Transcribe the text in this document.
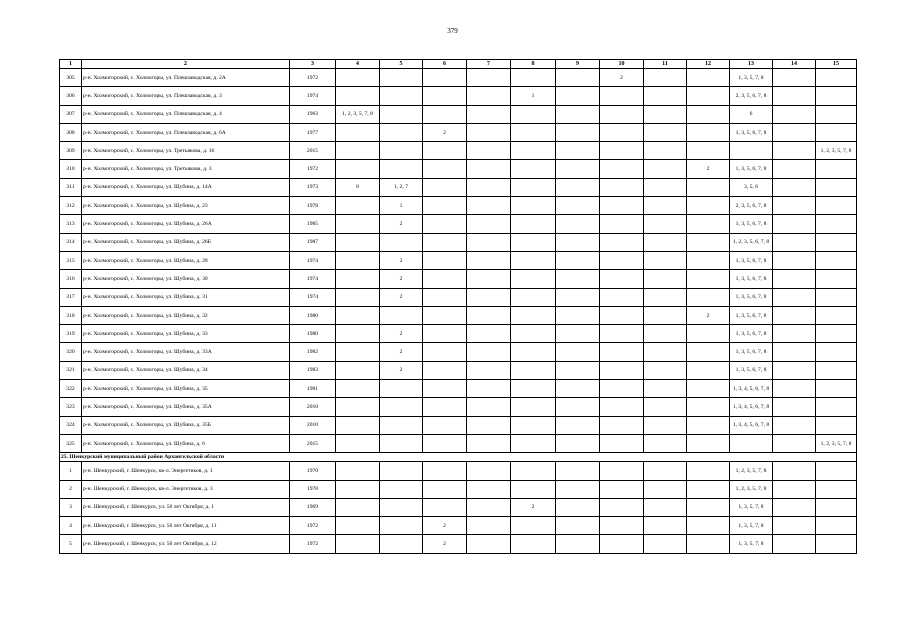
379
1	2	3	4	5	6	7	8	9	10	11	12	13	14	15
305	р-н. Холмогорский, с. Холмогоры, ул. Плешзаводская, д. 2А	1972							2			1, 3, 5, 7, 8		
306	р-н. Холмогорский, с. Холмогоры, ул. Плешзаводская, д. 3	1974					1					2, 3, 5, 6, 7, 8		
307	р-н. Холмогорский, с. Холмогоры, ул. Плешзаводская, д. 4	1963	1, 2, 3, 5, 7, 8									6		
308	р-н. Холмогорский, с. Холмогоры, ул. Плешзаводская, д. 6А	1977			2							1, 3, 5, 6, 7, 8		
309	р-н. Холмогорский, с. Холмогоры, ул. Третьякова, д. 16	2015												1, 2, 3, 5, 7, 8
310	р-н. Холмогорский, с. Холмогоры, ул. Третьякова, д. 3	1972									2	1, 3, 5, 6, 7, 8		
311	р-н. Холмогорский, с. Холмогоры, ул. Шубина, д. 14А	1973	8	1, 2, 7								3, 5, 6		
312	р-н. Холмогорский, с. Холмогоры, ул. Шубина, д. 23	1978		1								2, 3, 5, 6, 7, 8		
313	р-н. Холмогорский, с. Холмогоры, ул. Шубина, д. 26А	1985		2								1, 3, 5, 6, 7, 8		
314	р-н. Холмогорский, с. Холмогоры, ул. Шубина, д. 26Б	1987										1, 2, 3, 5, 6, 7, 8		
315	р-н. Холмогорский, с. Холмогоры, ул. Шубина, д. 28	1974		2								1, 3, 5, 6, 7, 8		
316	р-н. Холмогорский, с. Холмогоры, ул. Шубина, д. 30	1974		2								1, 3, 5, 6, 7, 8		
317	р-н. Холмогорский, с. Холмогоры, ул. Шубина, д. 31	1974		2								1, 3, 5, 6, 7, 8		
318	р-н. Холмогорский, с. Холмогоры, ул. Шубина, д. 32	1980									2	1, 3, 5, 6, 7, 8		
319	р-н. Холмогорский, с. Холмогоры, ул. Шубина, д. 33	1980		2								1, 3, 5, 6, 7, 8		
320	р-н. Холмогорский, с. Холмогоры, ул. Шубина, д. 33А	1982		2								1, 3, 5, 6, 7, 8		
321	р-н. Холмогорский, с. Холмогоры, ул. Шубина, д. 34	1983		2								1, 3, 5, 6, 7, 8		
322	р-н. Холмогорский, с. Холмогоры, ул. Шубина, д. 35	1981										1, 3, 4, 5, 6, 7, 8		
323	р-н. Холмогорский, с. Холмогоры, ул. Шубина, д. 35А	2010										1, 3, 4, 5, 6, 7, 8		
324	р-н. Холмогорский, с. Холмогоры, ул. Шубина, д. 35Б	2010										1, 3, 4, 5, 6, 7, 8		
325	р-н. Холмогорский, с. Холмогоры, ул. Шубина, д. 6	2015												1, 2, 3, 5, 7, 8
25. Шенкурский муниципальный район Архангельской области														
1	р-н. Шенкурский, г. Шенкурск, кв-л. Энергетиков, д. 1	1970										1, 2, 3, 5, 7, 8		
2	р-н. Шенкурский, г. Шенкурск, кв-л. Энергетиков, д. 3	1978										1, 2, 3, 5, 7, 8		
3	р-н. Шенкурский, г. Шенкурск, ул. 50 лет Октября, д. 1	1969					2					1, 3, 5, 7, 8		
4	р-н. Шенкурский, г. Шенкурск, ул. 50 лет Октября, д. 11	1972			2							1, 3, 5, 7, 8		
5	р-н. Шенкурский, г. Шенкурск, ул. 50 лет Октября, д. 12	1972			2							1, 3, 5, 7, 8		
